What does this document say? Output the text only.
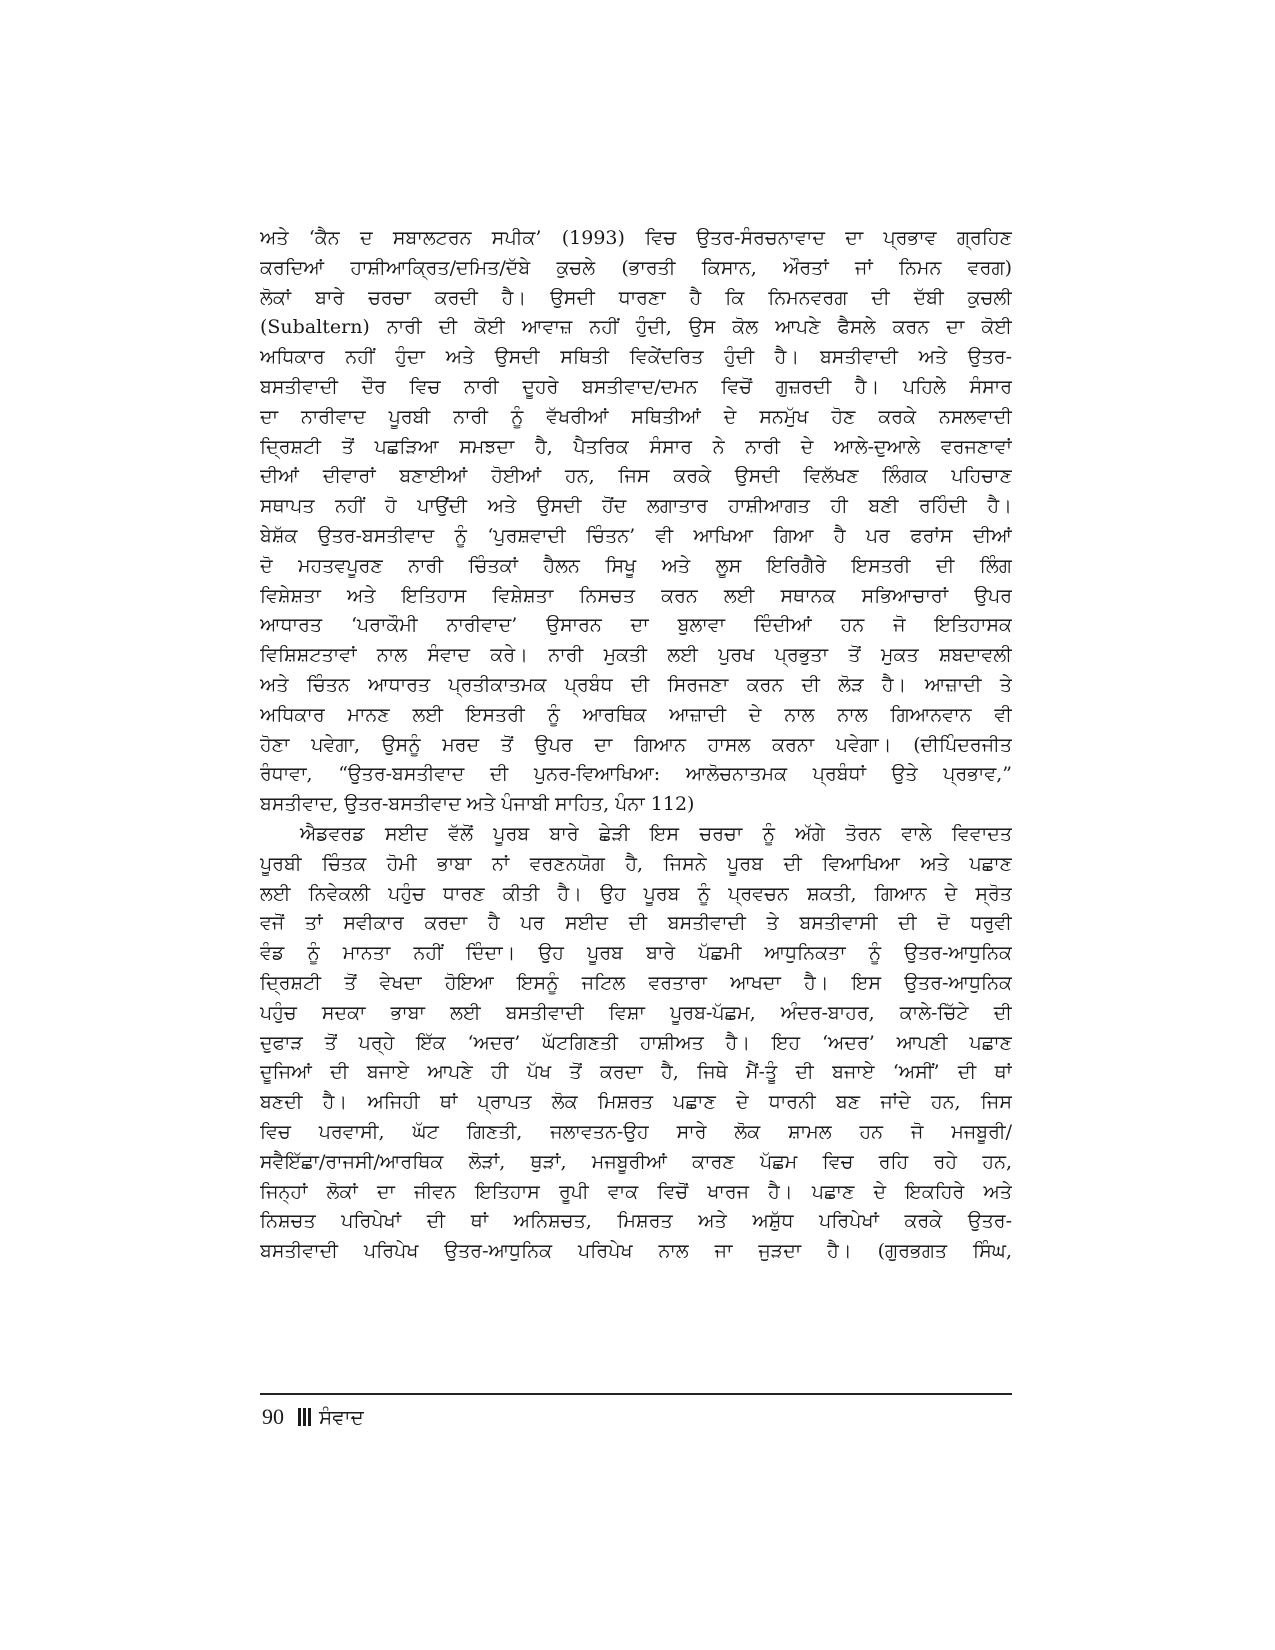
ਅਤੇ ‘ਕੈਨ ਦ ਸਬਾਲਟਰਨ ਸਪੀਕ’ (1993) ਵਿਚ ਉਤਰ-ਸੰਰਚਨਾਵਾਦ ਦਾ ਪ੍ਰਭਾਵ ਗ੍ਰਹਿਣ
ਕਰਦਿਆਂ ਹਾਸ਼ੀਆਕ੍ਰਿਤ/ਦਮਿਤ/ਦੱਬੇ ਕੁਚਲੇ (ਭਾਰਤੀ ਕਿਸਾਨ, ਔਰਤਾਂ ਜਾਂ ਨਿਮਨ ਵਰਗ)
ਲੋਕਾਂ ਬਾਰੇ ਚਰਚਾ ਕਰਦੀ ਹੈ। ਉਸਦੀ ਧਾਰਣਾ ਹੈ ਕਿ ਨਿਮਨਵਰਗ ਦੀ ਦੱਬੀ ਕੁਚਲੀ
(Subaltern) ਨਾਰੀ ਦੀ ਕੋਈ ਆਵਾਜ਼ ਨਹੀਂ ਹੁੰਦੀ, ਉਸ ਕੋਲ ਆਪਣੇ ਫੈਸਲੇ ਕਰਨ ਦਾ ਕੋਈ
ਅਧਿਕਾਰ ਨਹੀਂ ਹੁੰਦਾ ਅਤੇ ਉਸਦੀ ਸਥਿਤੀ ਵਿਕੇਂਦਰਿਤ ਹੁੰਦੀ ਹੈ। ਬਸਤੀਵਾਦੀ ਅਤੇ ਉਤਰ-
ਬਸਤੀਵਾਦੀ ਦੌਰ ਵਿਚ ਨਾਰੀ ਦੂਹਰੇ ਬਸਤੀਵਾਦ/ਦਮਨ ਵਿਚੋਂ ਗੁਜ਼ਰਦੀ ਹੈ। ਪਹਿਲੇ ਸੰਸਾਰ
ਦਾ ਨਾਰੀਵਾਦ ਪੂਰਬੀ ਨਾਰੀ ਨੂੰ ਵੱਖਰੀਆਂ ਸਥਿਤੀਆਂ ਦੇ ਸਨਮੁੱਖ ਹੋਣ ਕਰਕੇ ਨਸਲਵਾਦੀ
ਦ੍ਰਿਸ਼ਟੀ ਤੋਂ ਪਛੜਿਆ ਸਮਝਦਾ ਹੈ, ਪੈਤਰਿਕ ਸੰਸਾਰ ਨੇ ਨਾਰੀ ਦੇ ਆਲੇ-ਦੁਆਲੇ ਵਰਜਣਾਵਾਂ
ਦੀਆਂ ਦੀਵਾਰਾਂ ਬਣਾਈਆਂ ਹੋਈਆਂ ਹਨ, ਜਿਸ ਕਰਕੇ ਉਸਦੀ ਵਿਲੱਖਣ ਲਿੰਗਕ ਪਹਿਚਾਣ
ਸਥਾਪਤ ਨਹੀਂ ਹੋ ਪਾਉਂਦੀ ਅਤੇ ਉਸਦੀ ਹੋਂਦ ਲਗਾਤਾਰ ਹਾਸ਼ੀਆਗਤ ਹੀ ਬਣੀ ਰਹਿੰਦੀ ਹੈ।
ਬੇਸ਼ੱਕ ਉਤਰ-ਬਸਤੀਵਾਦ ਨੂੰ ‘ਪੁਰਸ਼ਵਾਦੀ ਚਿੰਤਨ’ ਵੀ ਆਖਿਆ ਗਿਆ ਹੈ ਪਰ ਫਰਾਂਸ ਦੀਆਂ
ਦੋ ਮਹਤਵਪੂਰਣ ਨਾਰੀ ਚਿੰਤਕਾਂ ਹੈਲਨ ਸਿਖੂ ਅਤੇ ਲੂਸ ਇਰਿਗੈਰੇ ਇਸਤਰੀ ਦੀ ਲਿੰਗ
ਵਿਸ਼ੇਸ਼ਤਾ ਅਤੇ ਇਤਿਹਾਸ ਵਿਸ਼ੇਸ਼ਤਾ ਨਿਸਚਤ ਕਰਨ ਲਈ ਸਥਾਨਕ ਸਭਿਆਚਾਰਾਂ ਉਪਰ
ਆਧਾਰਤ ‘ਪਰਾਕੌਮੀ ਨਾਰੀਵਾਦ’ ਉਸਾਰਨ ਦਾ ਬੁਲਾਵਾ ਦਿੰਦੀਆਂ ਹਨ ਜੋ ਇਤਿਹਾਸਕ
ਵਿਸ਼ਿਸ਼ਟਤਾਵਾਂ ਨਾਲ ਸੰਵਾਦ ਕਰੇ। ਨਾਰੀ ਮੁਕਤੀ ਲਈ ਪੁਰਖ ਪ੍ਰਭੁਤਾ ਤੋਂ ਮੁਕਤ ਸ਼ਬਦਾਵਲੀ
ਅਤੇ ਚਿੰਤਨ ਆਧਾਰਤ ਪ੍ਰਤੀਕਾਤਮਕ ਪ੍ਰਬੰਧ ਦੀ ਸਿਰਜਣਾ ਕਰਨ ਦੀ ਲੋੜ ਹੈ। ਆਜ਼ਾਦੀ ਤੇ
ਅਧਿਕਾਰ ਮਾਨਣ ਲਈ ਇਸਤਰੀ ਨੂੰ ਆਰਥਿਕ ਆਜ਼ਾਦੀ ਦੇ ਨਾਲ ਨਾਲ ਗਿਆਨਵਾਨ ਵੀ
ਹੋਣਾ ਪਵੇਗਾ, ਉਸਨੂੰ ਮਰਦ ਤੋਂ ਉਪਰ ਦਾ ਗਿਆਨ ਹਾਸਲ ਕਰਨਾ ਪਵੇਗਾ। (ਦੀਪਿੰਦਰਜੀਤ
ਰੰਧਾਵਾ, “ਉਤਰ-ਬਸਤੀਵਾਦ ਦੀ ਪੁਨਰ-ਵਿਆਖਿਆ: ਆਲੋਚਨਾਤਮਕ ਪ੍ਰਬੰਧਾਂ ਉਤੇ ਪ੍ਰਭਾਵ,”
ਬਸਤੀਵਾਦ, ਉਤਰ-ਬਸਤੀਵਾਦ ਅਤੇ ਪੰਜਾਬੀ ਸਾਹਿਤ, ਪੰਨਾ 112)
ਐਡਵਰਡ ਸਈਦ ਵੱਲੋਂ ਪੂਰਬ ਬਾਰੇ ਛੇੜੀ ਇਸ ਚਰਚਾ ਨੂੰ ਅੱਗੇ ਤੋਰਨ ਵਾਲੇ ਵਿਵਾਦਤ
ਪੂਰਬੀ ਚਿੰਤਕ ਹੋਮੀ ਭਾਬਾ ਨਾਂ ਵਰਣਨਯੋਗ ਹੈ, ਜਿਸਨੇ ਪੂਰਬ ਦੀ ਵਿਆਖਿਆ ਅਤੇ ਪਛਾਣ
ਲਈ ਨਿਵੇਕਲੀ ਪਹੁੰਚ ਧਾਰਣ ਕੀਤੀ ਹੈ। ਉਹ ਪੂਰਬ ਨੂੰ ਪ੍ਰਵਚਨ ਸ਼ਕਤੀ, ਗਿਆਨ ਦੇ ਸ੍ਰੋਤ
ਵਜੋਂ ਤਾਂ ਸਵੀਕਾਰ ਕਰਦਾ ਹੈ ਪਰ ਸਈਦ ਦੀ ਬਸਤੀਵਾਦੀ ਤੇ ਬਸਤੀਵਾਸੀ ਦੀ ਦੋ ਧਰੁਵੀ
ਵੰਡ ਨੂੰ ਮਾਨਤਾ ਨਹੀਂ ਦਿੰਦਾ। ਉਹ ਪੂਰਬ ਬਾਰੇ ਪੱਛਮੀ ਆਧੁਨਿਕਤਾ ਨੂੰ ਉਤਰ-ਆਧੁਨਿਕ
ਦ੍ਰਿਸ਼ਟੀ ਤੋਂ ਵੇਖਦਾ ਹੋਇਆ ਇਸਨੂੰ ਜਟਿਲ ਵਰਤਾਰਾ ਆਖਦਾ ਹੈ। ਇਸ ਉਤਰ-ਆਧੁਨਿਕ
ਪਹੁੰਚ ਸਦਕਾ ਭਾਬਾ ਲਈ ਬਸਤੀਵਾਦੀ ਵਿਸ਼ਾ ਪੂਰਬ-ਪੱਛਮ, ਅੰਦਰ-ਬਾਹਰ, ਕਾਲੇ-ਚਿੱਟੇ ਦੀ
ਦੁਫਾੜ ਤੋਂ ਪਰ੍ਹੇ ਇੱਕ ‘ਅਦਰ’ ਘੱਟਗਿਣਤੀ ਹਾਸ਼ੀਅਤ ਹੈ। ਇਹ ‘ਅਦਰ’ ਆਪਣੀ ਪਛਾਣ
ਦੂਜਿਆਂ ਦੀ ਬਜਾਏ ਆਪਣੇ ਹੀ ਪੱਖ ਤੋਂ ਕਰਦਾ ਹੈ, ਜਿਥੇ ਮੈਂ-ਤੂੰ ਦੀ ਬਜਾਏ ‘ਅਸੀਂ’ ਦੀ ਥਾਂ
ਬਣਦੀ ਹੈ। ਅਜਿਹੀ ਥਾਂ ਪ੍ਰਾਪਤ ਲੋਕ ਮਿਸ਼ਰਤ ਪਛਾਣ ਦੇ ਧਾਰਨੀ ਬਣ ਜਾਂਦੇ ਹਨ, ਜਿਸ
ਵਿਚ ਪਰਵਾਸੀ, ਘੱਟ ਗਿਣਤੀ, ਜਲਾਵਤਨ-ਉਹ ਸਾਰੇ ਲੋਕ ਸ਼ਾਮਲ ਹਨ ਜੋ ਮਜਬੂਰੀ/
ਸਵੈਇੱਛਾ/ਰਾਜਸੀ/ਆਰਥਿਕ ਲੋੜਾਂ, ਥੁੜਾਂ, ਮਜਬੂਰੀਆਂ ਕਾਰਣ ਪੱਛਮ ਵਿਚ ਰਹਿ ਰਹੇ ਹਨ,
ਜਿਨ੍ਹਾਂ ਲੋਕਾਂ ਦਾ ਜੀਵਨ ਇਤਿਹਾਸ ਰੂਪੀ ਵਾਕ ਵਿਚੋਂ ਖਾਰਜ ਹੈ। ਪਛਾਣ ਦੇ ਇਕਹਿਰੇ ਅਤੇ
ਨਿਸ਼ਚਤ ਪਰਿਪੇਖਾਂ ਦੀ ਥਾਂ ਅਨਿਸ਼ਚਤ, ਮਿਸ਼ਰਤ ਅਤੇ ਅਸ਼ੁੱਧ ਪਰਿਪੇਖਾਂ ਕਰਕੇ ਉਤਰ-
ਬਸਤੀਵਾਦੀ ਪਰਿਪੇਖ ਉਤਰ-ਆਧੁਨਿਕ ਪਰਿਪੇਖ ਨਾਲ ਜਾ ਜੁੜਦਾ ਹੈ। (ਗੁਰਭਗਤ ਸਿੰਘ,
90 ਸੰਵਾਦ
